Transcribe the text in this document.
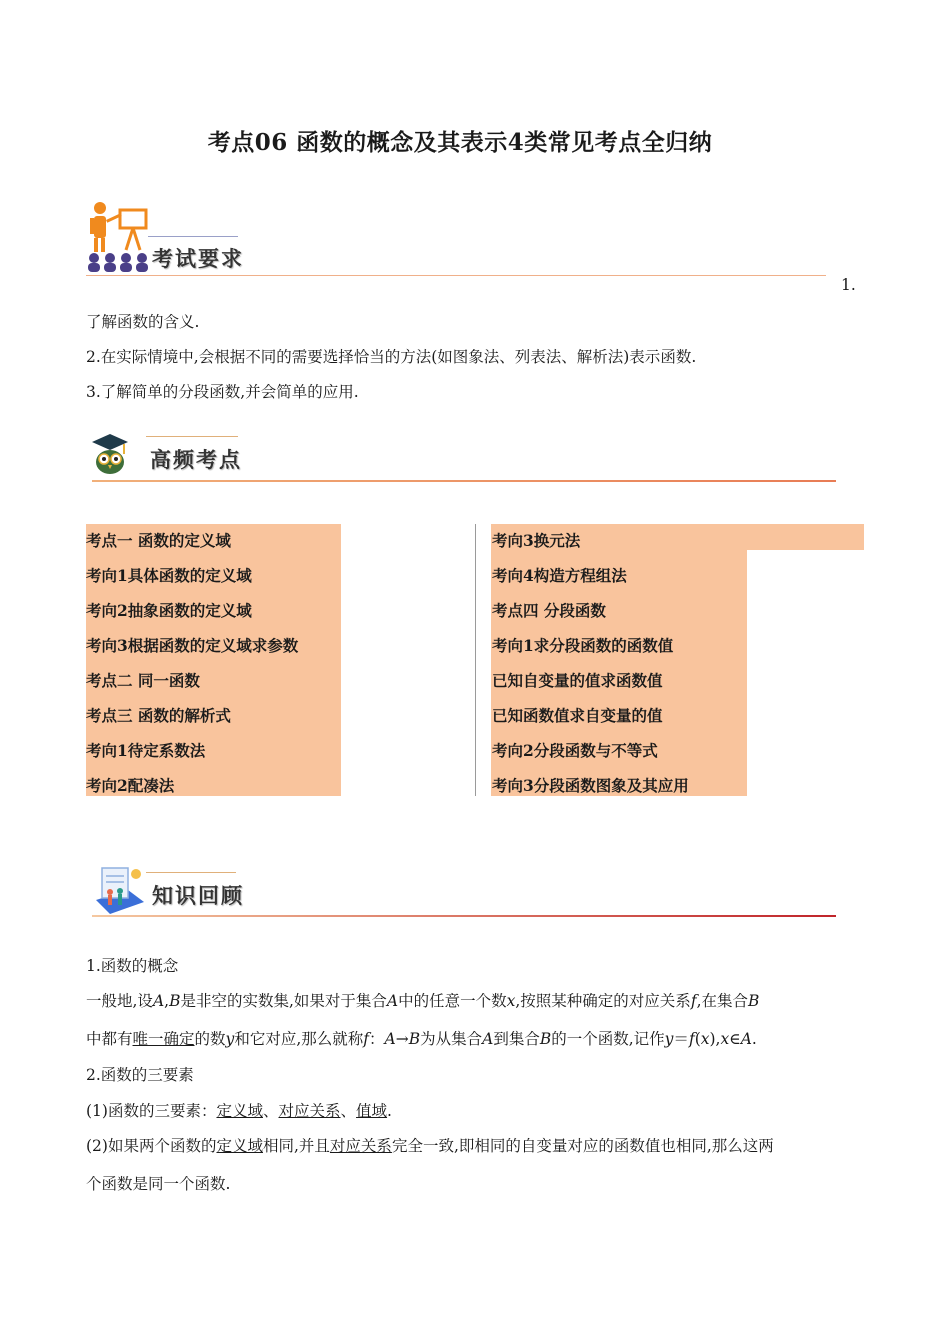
考点06 函数的概念及其表示4类常见考点全归纳
考试要求
1.
了解函数的含义.
2.在实际情境中,会根据不同的需要选择恰当的方法(如图象法、列表法、解析法)表示函数.
3.了解简单的分段函数,并会简单的应用.
高频考点
考点一 函数的定义域
考向1具体函数的定义域
考向2抽象函数的定义域
考向3根据函数的定义域求参数
考点二 同一函数
考点三 函数的解析式
考向1待定系数法
考向2配凑法
考向3换元法
考向4构造方程组法
考点四 分段函数
考向1求分段函数的函数值
已知自变量的值求函数值
已知函数值求自变量的值
考向2分段函数与不等式
考向3分段函数图象及其应用
知识回顾
1.函数的概念
一般地,设A,B是非空的实数集,如果对于集合A中的任意一个数x,按照某种确定的对应关系f,在集合B
中都有唯一确定的数y和它对应,那么就称f：A→B为从集合A到集合B的一个函数,记作y＝f(x),x∈A.
2.函数的三要素
(1)函数的三要素：定义域、对应关系、值域.
(2)如果两个函数的定义域相同,并且对应关系完全一致,即相同的自变量对应的函数值也相同,那么这两
个函数是同一个函数.
